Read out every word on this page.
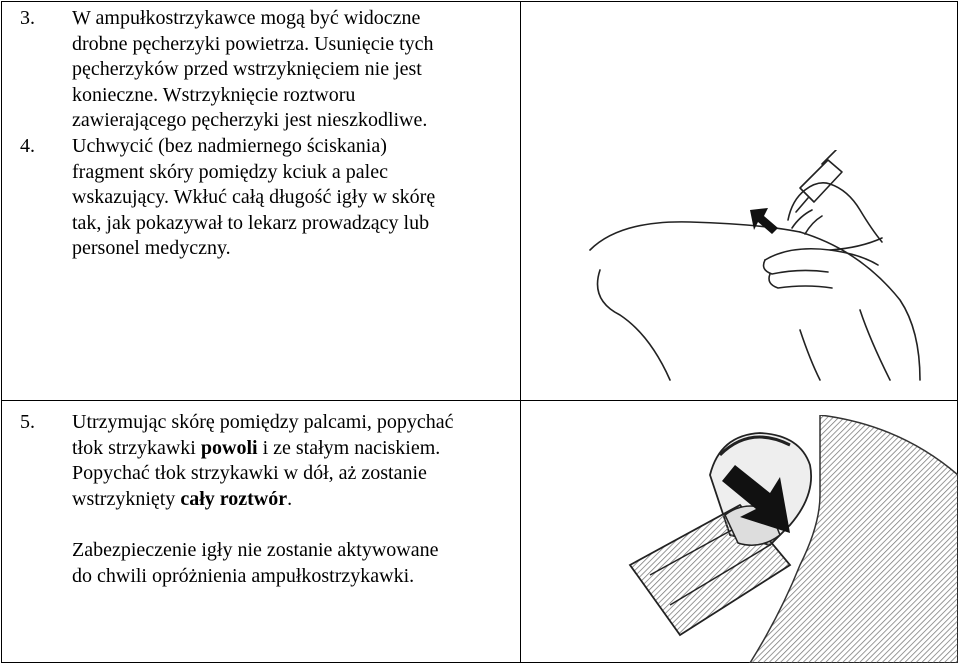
3. W ampułkostrzykawce mogą być widoczne
drobne pęcherzyki powietrza. Usunięcie tych
pęcherzyków przed wstrzyknięciem nie jest
konieczne. Wstrzyknięcie roztworu
zawierającego pęcherzyki jest nieszkodliwe.
4. Uchwycić (bez nadmiernego ściskania)
fragment skóry pomiędzy kciuk a palec
wskazujący. Wkłuć całą długość igły w skórę
tak, jak pokazywał to lekarz prowadzący lub
personel medyczny.
5. Utrzymując skórę pomiędzy palcami, popychać
tłok strzykawki powoli i ze stałym naciskiem.
Popychać tłok strzykawki w dół, aż zostanie
wstrzyknięty cały roztwór.
Zabezpieczenie igły nie zostanie aktywowane
do chwili opróżnienia ampułkostrzykawki.
